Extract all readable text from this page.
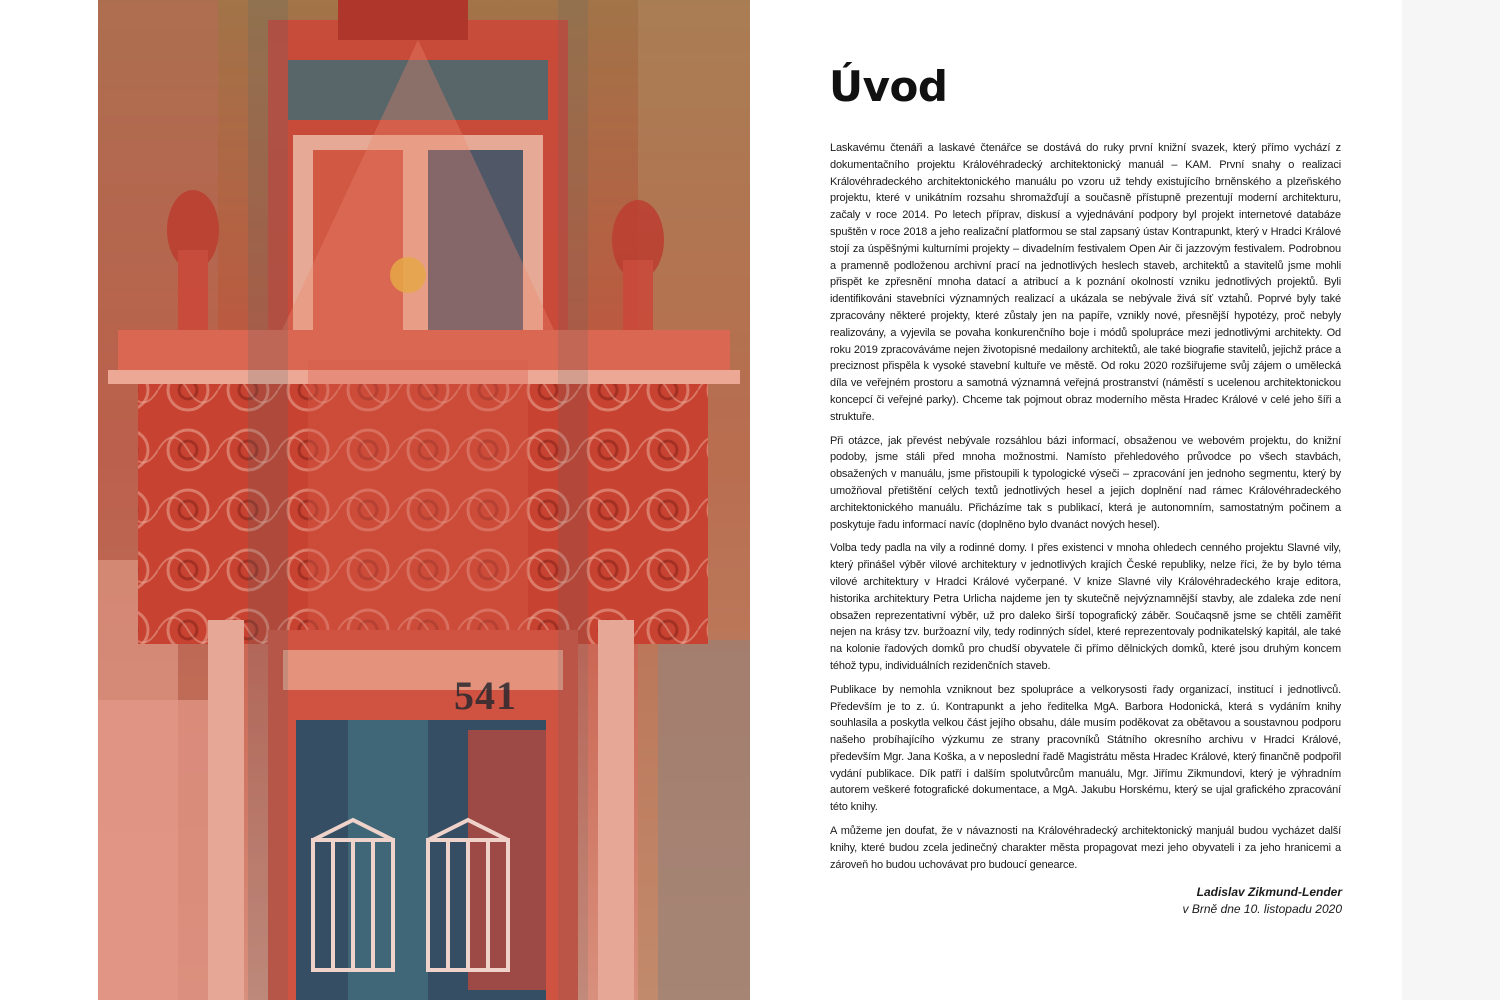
541
Úvod

Laskavému čtenáři a laskavé čtenářce se dostává do ruky první knižní svazek, který přímo vychází z dokumentačního projektu Královéhradecký architektonický manuál – KAM. První snahy o realizaci Královéhradeckého architektonického manuálu po vzoru už tehdy existujícího brněnského a plzeňského projektu, které v unikátním rozsahu shromažďují a současně přístupně prezentují moderní architekturu, začaly v roce 2014. Po letech příprav, diskusí a vyjednávání podpory byl projekt internetové databáze spuštěn v roce 2018 a jeho realizační platformou se stal zapsaný ústav Kontrapunkt, který v Hradci Králové stojí za úspěšnými kulturními projekty – divadelním festivalem Open Air či jazzovým festivalem. Podrobnou a pramenně podloženou archivní prací na jednotlivých heslech staveb, architektů a stavitelů jsme mohli přispět ke zpřesnění mnoha datací a atribucí a k poznání okolností vzniku jednotlivých projektů. Byli identifikováni stavebníci významných realizací a ukázala se nebývale živá síť vztahů. Poprvé byly také zpracovány některé projekty, které zůstaly jen na papíře, vznikly nové, přesnější hypotézy, proč nebyly realizovány, a vyjevila se povaha konkurenčního boje i módů spolupráce mezi jednotlivými architekty. Od roku 2019 zpracováváme nejen životopisné medailony architektů, ale také biografie stavitelů, jejichž práce a preciznost přispěla k vysoké stavební kultuře ve městě. Od roku 2020 rozšiřujeme svůj zájem o umělecká díla ve veřejném prostoru a samotná významná veřejná prostranství (náměstí s ucelenou architektonickou koncepcí či veřejné parky). Chceme tak pojmout obraz moderního města Hradec Králové v celé jeho šíři a struktuře.

Při otázce, jak převést nebývale rozsáhlou bázi informací, obsaženou ve webovém projektu, do knižní podoby, jsme stáli před mnoha možnostmi. Namísto přehledového průvodce po všech stavbách, obsažených v manuálu, jsme přistoupili k typologické výseči – zpracování jen jednoho segmentu, který by umožňoval přetištění celých textů jednotlivých hesel a jejich doplnění nad rámec Královéhradeckého architektonického manuálu. Přicházíme tak s publikací, která je autonomním, samostatným počinem a poskytuje řadu informací navíc (doplněno bylo dvanáct nových hesel).

Volba tedy padla na vily a rodinné domy. I přes existenci v mnoha ohledech cenného projektu Slavné vily, který přinášel výběr vilové architektury v jednotlivých krajích České republiky, nelze říci, že by bylo téma vilové architektury v Hradci Králové vyčerpané. V knize Slavné vily Královéhradeckého kraje editora, historika architektury Petra Urlicha najdeme jen ty skutečně nejvýznamnější stavby, ale zdaleka zde není obsažen reprezentativní výběr, už pro daleko širší topografický záběr. Součaqsně jsme se chtěli zaměřit nejen na krásy tzv. buržoazní vily, tedy rodinných sídel, které reprezentovaly podnikatelský kapitál, ale také na kolonie řadových domků pro chudší obyvatele či přímo dělnických domků, které jsou druhým koncem téhož typu, individuálních rezidenčních staveb.

Publikace by nemohla vzniknout bez spolupráce a velkorysosti řady organizací, institucí i jednotlivců. Především je to z. ú. Kontrapunkt a jeho ředitelka MgA. Barbora Hodonická, která s vydáním knihy souhlasila a poskytla velkou část jejího obsahu, dále musím poděkovat za obětavou a soustavnou podporu našeho probíhajícího výzkumu ze strany pracovníků Státního okresního archivu v Hradci Králové, především Mgr. Jana Koška, a v neposlední řadě Magistrátu města Hradec Králové, který finančně podpořil vydání publikace. Dík patří i dalším spolutvůrcům manuálu, Mgr. Jiřímu Zikmundovi, který je výhradním autorem veškeré fotografické dokumentace, a MgA. Jakubu Horskému, který se ujal grafického zpracování této knihy.

A můžeme jen doufat, že v návaznosti na Královéhradecký architektonický manjuál budou vycházet další knihy, které budou zcela jedinečný charakter města propagovat mezi jeho obyvateli i za jeho hranicemi a zároveň ho budou uchovávat pro budoucí genearce.

Ladislav Zikmund-Lender
v Brně dne 10. listopadu 2020
